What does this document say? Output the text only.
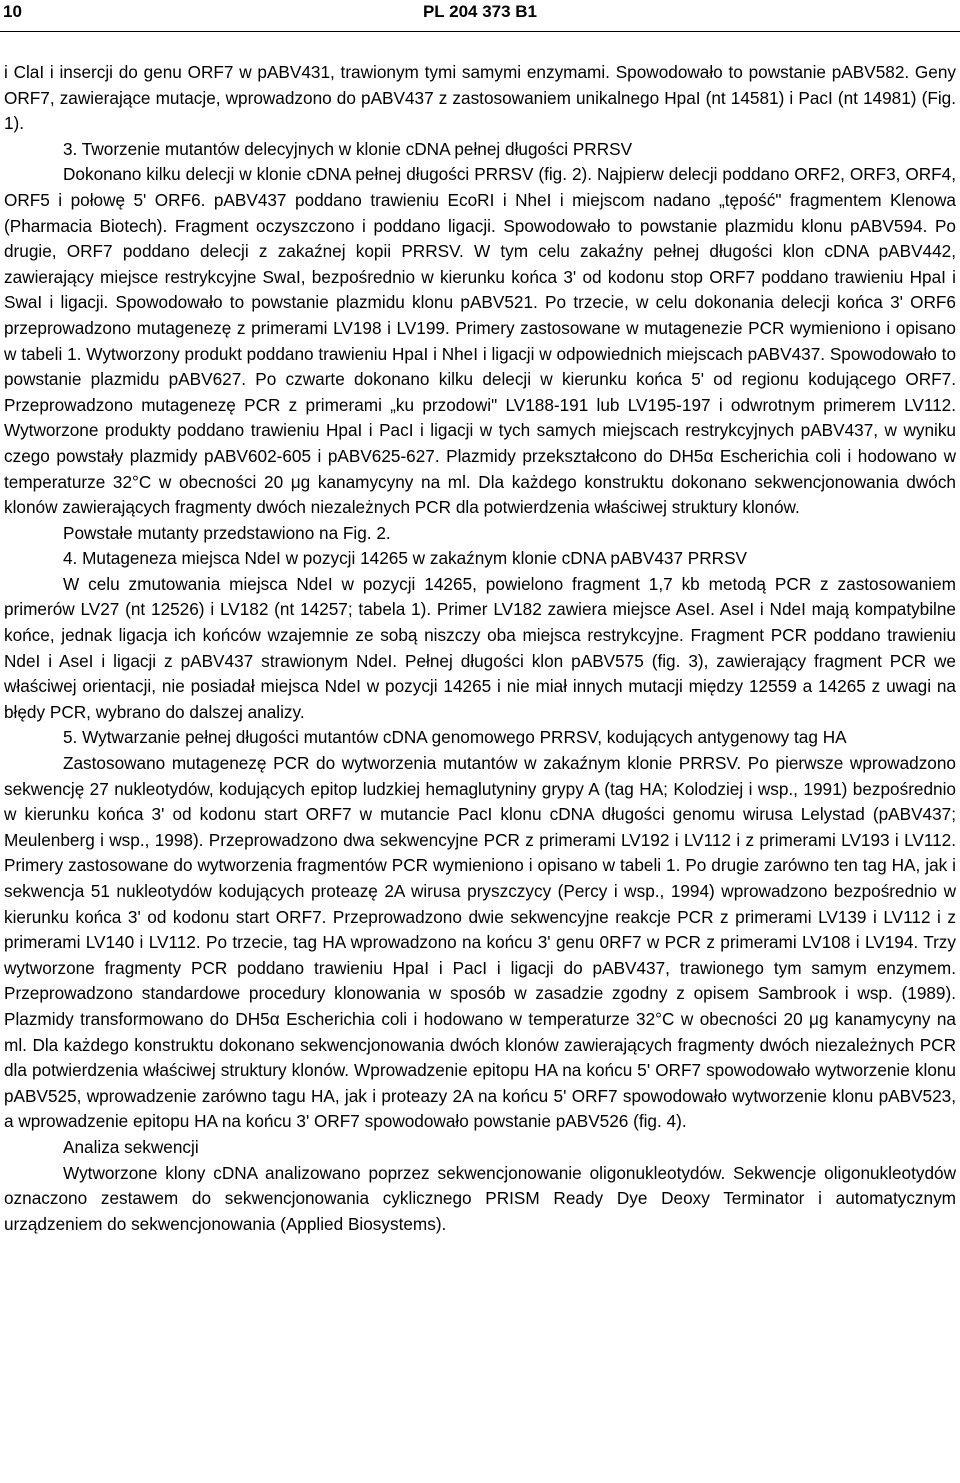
10	PL 204 373 B1

i ClaI i insercji do genu ORF7 w pABV431, trawionym tymi samymi enzymami. Spowodowało to powstanie pABV582. Geny ORF7, zawierające mutacje, wprowadzono do pABV437 z zastosowaniem unikalnego HpaI (nt 14581) i PacI (nt 14981) (Fig. 1).

3. Tworzenie mutantów delecyjnych w klonie cDNA pełnej długości PRRSV

Dokonano kilku delecji w klonie cDNA pełnej długości PRRSV (fig. 2). Najpierw delecji poddano ORF2, ORF3, ORF4, ORF5 i połowę 5' ORF6. pABV437 poddano trawieniu EcoRI i NheI i miejscom nadano „tępość" fragmentem Klenowa (Pharmacia Biotech). Fragment oczyszczono i poddano ligacji. Spowodowało to powstanie plazmidu klonu pABV594. Po drugie, ORF7 poddano delecji z zakaźnej kopii PRRSV. W tym celu zakaźny pełnej długości klon cDNA pABV442, zawierający miejsce restrykcyjne SwaI, bezpośrednio w kierunku końca 3' od kodonu stop ORF7 poddano trawieniu HpaI i SwaI i ligacji. Spowodowało to powstanie plazmidu klonu pABV521. Po trzecie, w celu dokonania delecji końca 3' ORF6 przeprowadzono mutagenezę z primerami LV198 i LV199. Primery zastosowane w mutagenezie PCR wymieniono i opisano w tabeli 1. Wytworzony produkt poddano trawieniu HpaI i NheI i ligacji w odpowiednich miejscach pABV437. Spowodowało to powstanie plazmidu pABV627. Po czwarte dokonano kilku delecji w kierunku końca 5' od regionu kodującego ORF7. Przeprowadzono mutagenezę PCR z primerami „ku przodowi" LV188-191 lub LV195-197 i odwrotnym primerem LV112. Wytworzone produkty poddano trawieniu HpaI i PacI i ligacji w tych samych miejscach restrykcyjnych pABV437, w wyniku czego powstały plazmidy pABV602-605 i pABV625-627. Plazmidy przekształcono do DH5α Escherichia coli i hodowano w temperaturze 32°C w obecności 20 μg kanamycyny na ml. Dla każdego konstruktu dokonano sekwencjonowania dwóch klonów zawierających fragmenty dwóch niezależnych PCR dla potwierdzenia właściwej struktury klonów.

Powstałe mutanty przedstawiono na Fig. 2.

4. Mutageneza miejsca NdeI w pozycji 14265 w zakaźnym klonie cDNA pABV437 PRRSV

W celu zmutowania miejsca NdeI w pozycji 14265, powielono fragment 1,7 kb metodą PCR z zastosowaniem primerów LV27 (nt 12526) i LV182 (nt 14257; tabela 1). Primer LV182 zawiera miejsce AseI. AseI i NdeI mają kompatybilne końce, jednak ligacja ich końców wzajemnie ze sobą niszczy oba miejsca restrykcyjne. Fragment PCR poddano trawieniu NdeI i AseI i ligacji z pABV437 strawionym NdeI. Pełnej długości klon pABV575 (fig. 3), zawierający fragment PCR we właściwej orientacji, nie posiadał miejsca NdeI w pozycji 14265 i nie miał innych mutacji między 12559 a 14265 z uwagi na błędy PCR, wybrano do dalszej analizy.

5. Wytwarzanie pełnej długości mutantów cDNA genomowego PRRSV, kodujących antygenowy tag HA

Zastosowano mutagenezę PCR do wytworzenia mutantów w zakaźnym klonie PRRSV. Po pierwsze wprowadzono sekwencję 27 nukleotydów, kodujących epitop ludzkiej hemaglutyniny grypy A (tag HA; Kolodziej i wsp., 1991) bezpośrednio w kierunku końca 3' od kodonu start ORF7 w mutancie PacI klonu cDNA długości genomu wirusa Lelystad (pABV437; Meulenberg i wsp., 1998). Przeprowadzono dwa sekwencyjne PCR z primerami LV192 i LV112 i z primerami LV193 i LV112. Primery zastosowane do wytworzenia fragmentów PCR wymieniono i opisano w tabeli 1. Po drugie zarówno ten tag HA, jak i sekwencja 51 nukleotydów kodujących proteazę 2A wirusa pryszczycy (Percy i wsp., 1994) wprowadzono bezpośrednio w kierunku końca 3' od kodonu start ORF7. Przeprowadzono dwie sekwencyjne reakcje PCR z primerami LV139 i LV112 i z primerami LV140 i LV112. Po trzecie, tag HA wprowadzono na końcu 3' genu 0RF7 w PCR z primerami LV108 i LV194. Trzy wytworzone fragmenty PCR poddano trawieniu HpaI i PacI i ligacji do pABV437, trawionego tym samym enzymem. Przeprowadzono standardowe procedury klonowania w sposób w zasadzie zgodny z opisem Sambrook i wsp. (1989). Plazmidy transformowano do DH5α Escherichia coli i hodowano w temperaturze 32°C w obecności 20 μg kanamycyny na ml. Dla każdego konstruktu dokonano sekwencjonowania dwóch klonów zawierających fragmenty dwóch niezależnych PCR dla potwierdzenia właściwej struktury klonów. Wprowadzenie epitopu HA na końcu 5' ORF7 spowodowało wytworzenie klonu pABV525, wprowadzenie zarówno tagu HA, jak i proteazy 2A na końcu 5' ORF7 spowodowało wytworzenie klonu pABV523, a wprowadzenie epitopu HA na końcu 3' ORF7 spowodowało powstanie pABV526 (fig. 4).

Analiza sekwencji

Wytworzone klony cDNA analizowano poprzez sekwencjonowanie oligonukleotydów. Sekwencje oligonukleotydów oznaczono zestawem do sekwencjonowania cyklicznego PRISM Ready Dye Deoxy Terminator i automatycznym urządzeniem do sekwencjonowania (Applied Biosystems).
